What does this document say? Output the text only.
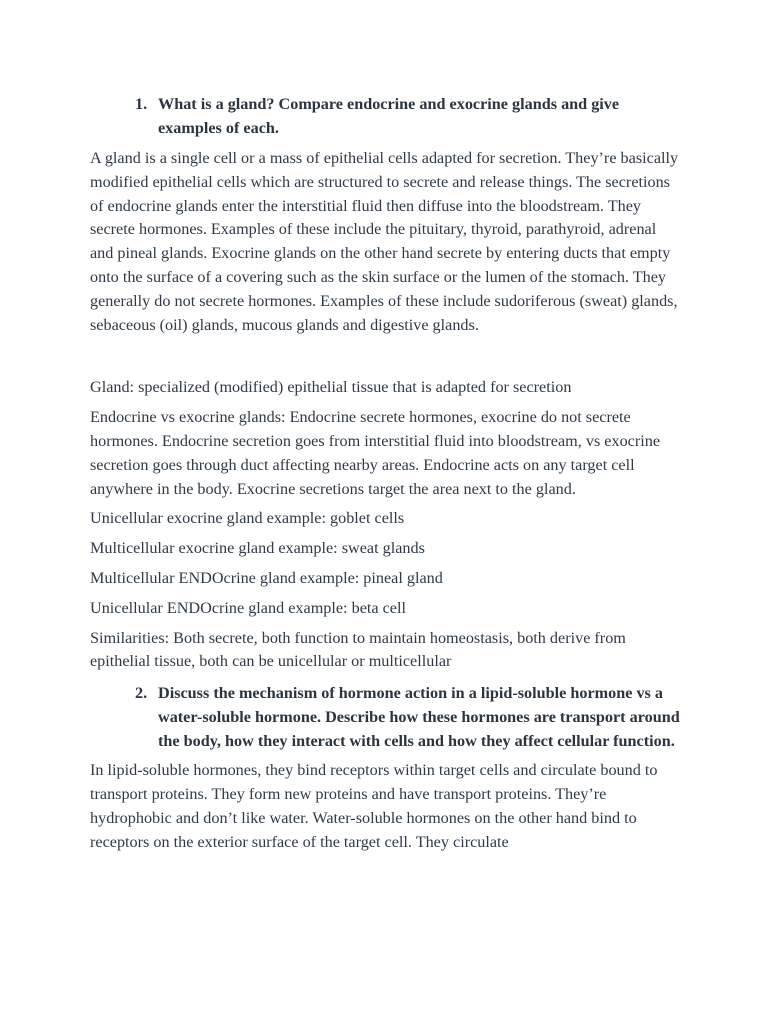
1. What is a gland? Compare endocrine and exocrine glands and give examples of each.

A gland is a single cell or a mass of epithelial cells adapted for secretion. They’re basically modified epithelial cells which are structured to secrete and release things. The secretions of endocrine glands enter the interstitial fluid then diffuse into the bloodstream. They secrete hormones. Examples of these include the pituitary, thyroid, parathyroid, adrenal and pineal glands. Exocrine glands on the other hand secrete by entering ducts that empty onto the surface of a covering such as the skin surface or the lumen of the stomach. They generally do not secrete hormones. Examples of these include sudoriferous (sweat) glands, sebaceous (oil) glands, mucous glands and digestive glands.

Gland: specialized (modified) epithelial tissue that is adapted for secretion

Endocrine vs exocrine glands: Endocrine secrete hormones, exocrine do not secrete hormones. Endocrine secretion goes from interstitial fluid into bloodstream, vs exocrine secretion goes through duct affecting nearby areas. Endocrine acts on any target cell anywhere in the body. Exocrine secretions target the area next to the gland.

Unicellular exocrine gland example: goblet cells

Multicellular exocrine gland example: sweat glands

Multicellular ENDOcrine gland example: pineal gland

Unicellular ENDOcrine gland example: beta cell

Similarities: Both secrete, both function to maintain homeostasis, both derive from epithelial tissue, both can be unicellular or multicellular

2. Discuss the mechanism of hormone action in a lipid-soluble hormone vs a water-soluble hormone. Describe how these hormones are transport around the body, how they interact with cells and how they affect cellular function.

In lipid-soluble hormones, they bind receptors within target cells and circulate bound to transport proteins. They form new proteins and have transport proteins. They’re hydrophobic and don’t like water. Water-soluble hormones on the other hand bind to receptors on the exterior surface of the target cell. They circulate
